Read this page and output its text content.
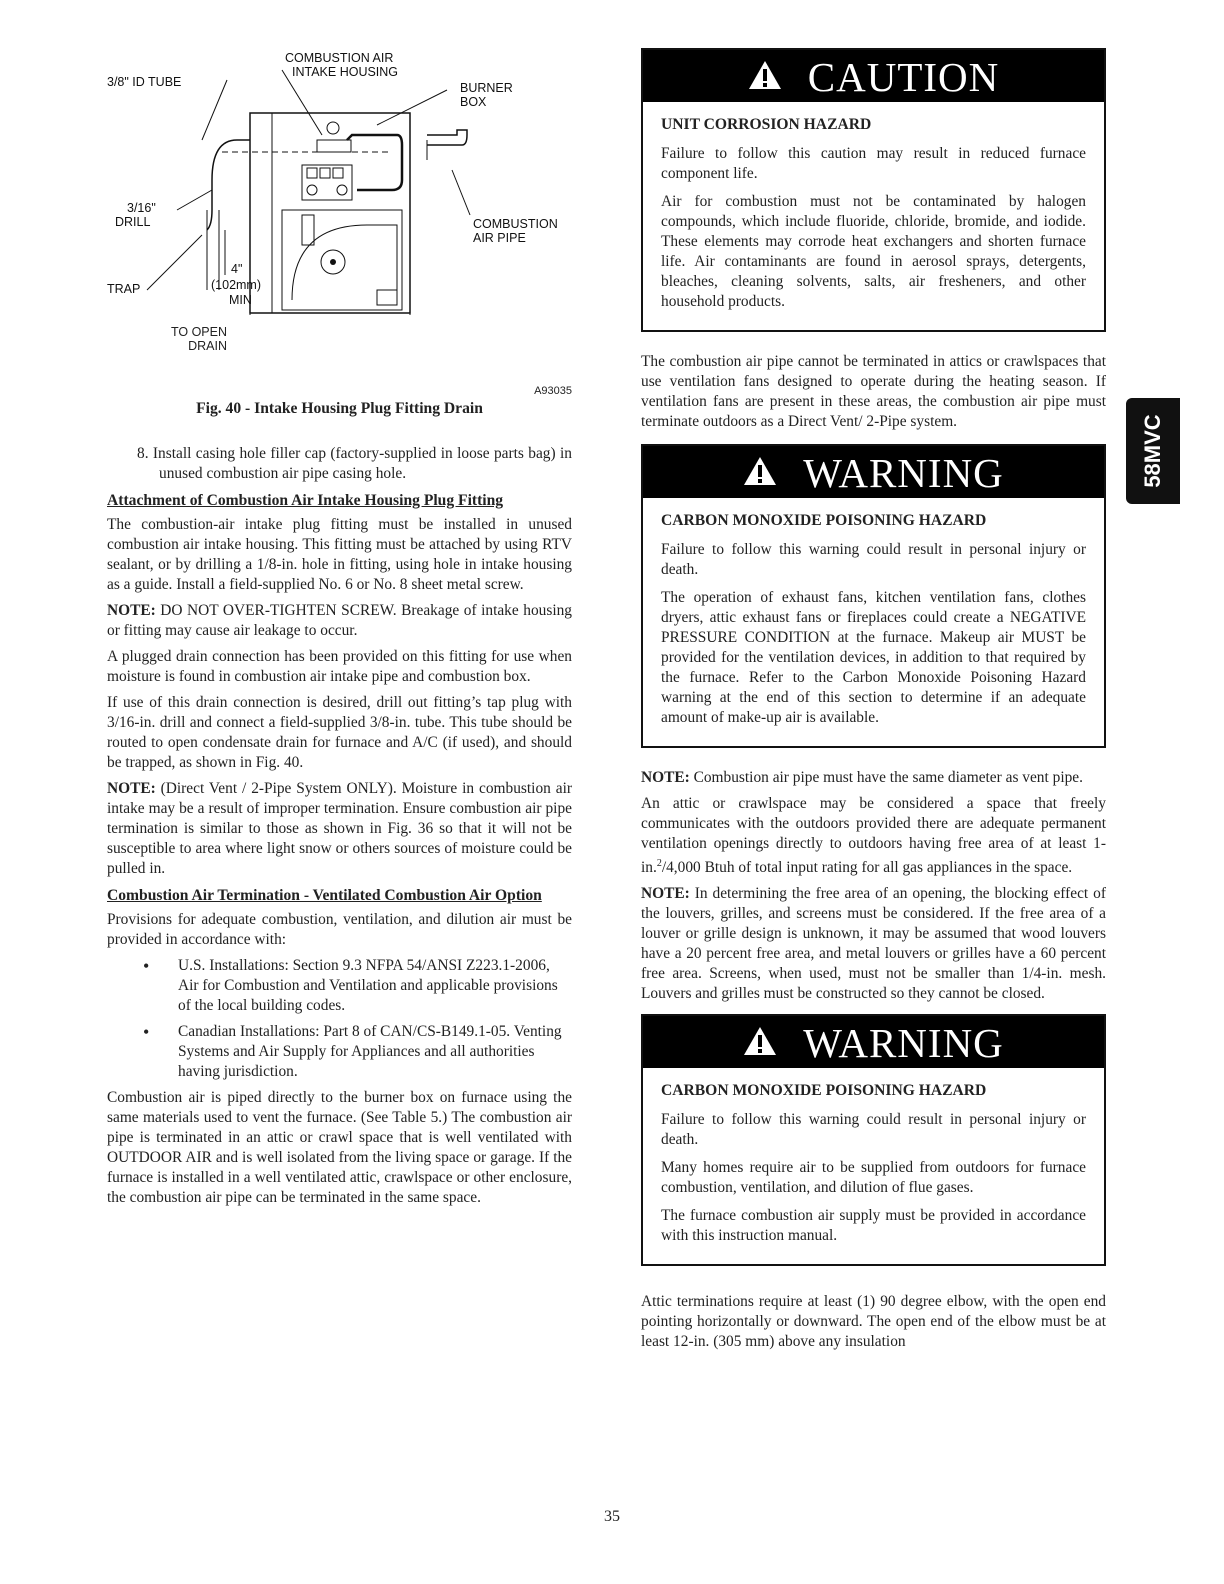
COMBUSTION AIR
INTAKE HOUSING
3/8" ID TUBE	BURNER
BOX
3/16"
DRILL	COMBUSTION
AIR PIPE
TRAP
4"
(102mm)
MIN
TO OPEN
DRAIN
A93035
Fig. 40 - Intake Housing Plug Fitting Drain

8. Install casing hole filler cap (factory-supplied in loose parts bag) in unused combustion air pipe casing hole.

Attachment of Combustion Air Intake Housing Plug Fitting

The combustion-air intake plug fitting must be installed in unused combustion air intake housing. This fitting must be attached by using RTV sealant, or by drilling a 1/8-in. hole in fitting, using hole in intake housing as a guide. Install a field-supplied No. 6 or No. 8 sheet metal screw.

NOTE: DO NOT OVER-TIGHTEN SCREW. Breakage of intake housing or fitting may cause air leakage to occur.

A plugged drain connection has been provided on this fitting for use when moisture is found in combustion air intake pipe and combustion box.

If use of this drain connection is desired, drill out fitting’s tap plug with 3/16-in. drill and connect a field-supplied 3/8-in. tube. This tube should be routed to open condensate drain for furnace and A/C (if used), and should be trapped, as shown in Fig. 40.

NOTE: (Direct Vent / 2-Pipe System ONLY). Moisture in combustion air intake may be a result of improper termination. Ensure combustion air pipe termination is similar to those as shown in Fig. 36 so that it will not be susceptible to area where light snow or others sources of moisture could be pulled in.

Combustion Air Termination - Ventilated Combustion Air Option

Provisions for adequate combustion, ventilation, and dilution air must be provided in accordance with:

• U.S. Installations: Section 9.3 NFPA 54/ANSI Z223.1-2006, Air for Combustion and Ventilation and applicable provisions of the local building codes.
• Canadian Installations: Part 8 of CAN/CS-B149.1-05. Venting Systems and Air Supply for Appliances and all authorities having jurisdiction.

Combustion air is piped directly to the burner box on furnace using the same materials used to vent the furnace. (See Table 5.) The combustion air pipe is terminated in an attic or crawl space that is well ventilated with OUTDOOR AIR and is well isolated from the living space or garage. If the furnace is installed in a well ventilated attic, crawlspace or other enclosure, the combustion air pipe can be terminated in the same space.

CAUTION
UNIT CORROSION HAZARD

Failure to follow this caution may result in reduced furnace component life.

Air for combustion must not be contaminated by halogen compounds, which include fluoride, chloride, bromide, and iodide. These elements may corrode heat exchangers and shorten furnace life. Air contaminants are found in aerosol sprays, detergents, bleaches, cleaning solvents, salts, air fresheners, and other household products.

The combustion air pipe cannot be terminated in attics or crawlspaces that use ventilation fans designed to operate during the heating season. If ventilation fans are present in these areas, the combustion air pipe must terminate outdoors as a Direct Vent/ 2-Pipe system.

WARNING
CARBON MONOXIDE POISONING HAZARD

Failure to follow this warning could result in personal injury or death.

The operation of exhaust fans, kitchen ventilation fans, clothes dryers, attic exhaust fans or fireplaces could create a NEGATIVE PRESSURE CONDITION at the furnace. Makeup air MUST be provided for the ventilation devices, in addition to that required by the furnace. Refer to the Carbon Monoxide Poisoning Hazard warning at the end of this section to determine if an adequate amount of make-up air is available.

NOTE: Combustion air pipe must have the same diameter as vent pipe.

An attic or crawlspace may be considered a space that freely communicates with the outdoors provided there are adequate permanent ventilation openings directly to outdoors having free area of at least 1-in.$^2$/4,000 Btuh of total input rating for all gas appliances in the space.

NOTE: In determining the free area of an opening, the blocking effect of the louvers, grilles, and screens must be considered. If the free area of a louver or grille design is unknown, it may be assumed that wood louvers have a 20 percent free area, and metal louvers or grilles have a 60 percent free area. Screens, when used, must not be smaller than 1/4-in. mesh. Louvers and grilles must be constructed so they cannot be closed.

WARNING
CARBON MONOXIDE POISONING HAZARD

Failure to follow this warning could result in personal injury or death.

Many homes require air to be supplied from outdoors for furnace combustion, ventilation, and dilution of flue gases.

The furnace combustion air supply must be provided in accordance with this instruction manual.

Attic terminations require at least (1) 90 degree elbow, with the open end pointing horizontally or downward. The open end of the elbow must be at least 12-in. (305 mm) above any insulation

58MVC
35
